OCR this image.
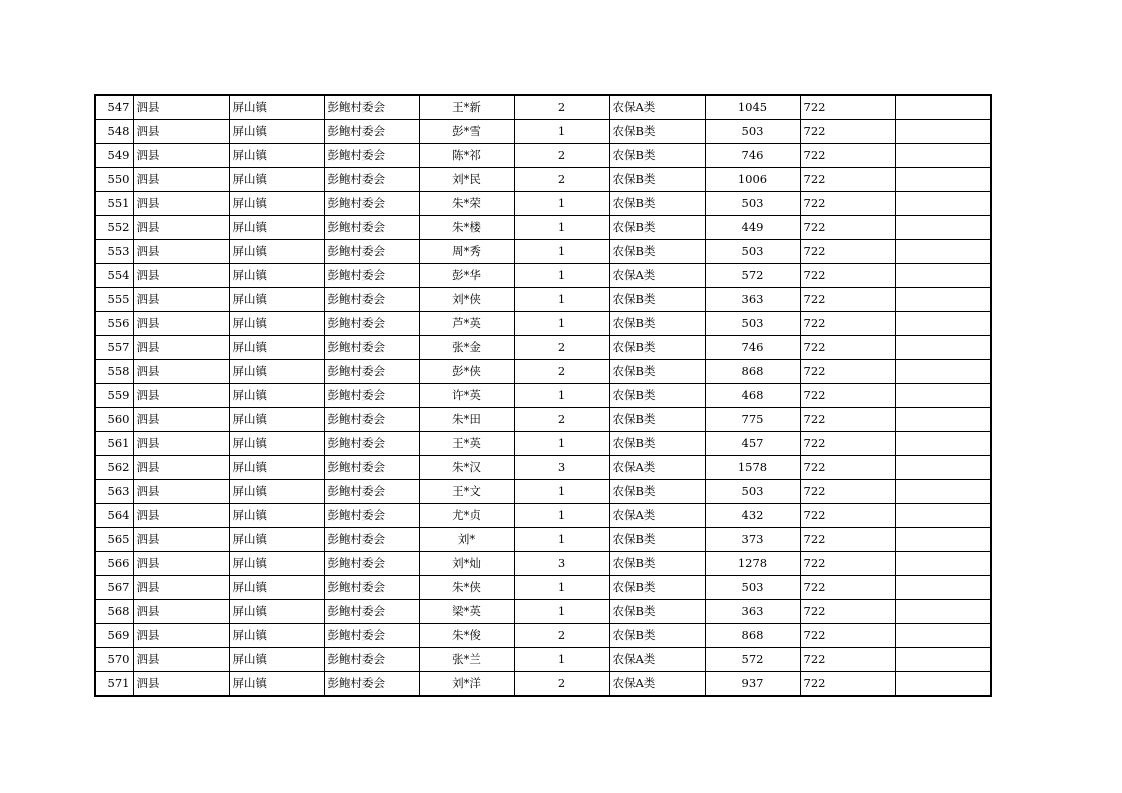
547	泗县	屏山镇	彭鲍村委会	王*新	2	农保A类	1045	722	
548	泗县	屏山镇	彭鲍村委会	彭*雪	1	农保B类	503	722	
549	泗县	屏山镇	彭鲍村委会	陈*祁	2	农保B类	746	722	
550	泗县	屏山镇	彭鲍村委会	刘*民	2	农保B类	1006	722	
551	泗县	屏山镇	彭鲍村委会	朱*荣	1	农保B类	503	722	
552	泗县	屏山镇	彭鲍村委会	朱*楼	1	农保B类	449	722	
553	泗县	屏山镇	彭鲍村委会	周*秀	1	农保B类	503	722	
554	泗县	屏山镇	彭鲍村委会	彭*华	1	农保A类	572	722	
555	泗县	屏山镇	彭鲍村委会	刘*侠	1	农保B类	363	722	
556	泗县	屏山镇	彭鲍村委会	芦*英	1	农保B类	503	722	
557	泗县	屏山镇	彭鲍村委会	张*金	2	农保B类	746	722	
558	泗县	屏山镇	彭鲍村委会	彭*侠	2	农保B类	868	722	
559	泗县	屏山镇	彭鲍村委会	许*英	1	农保B类	468	722	
560	泗县	屏山镇	彭鲍村委会	朱*田	2	农保B类	775	722	
561	泗县	屏山镇	彭鲍村委会	王*英	1	农保B类	457	722	
562	泗县	屏山镇	彭鲍村委会	朱*汉	3	农保A类	1578	722	
563	泗县	屏山镇	彭鲍村委会	王*文	1	农保B类	503	722	
564	泗县	屏山镇	彭鲍村委会	尤*贞	1	农保A类	432	722	
565	泗县	屏山镇	彭鲍村委会	刘*	1	农保B类	373	722	
566	泗县	屏山镇	彭鲍村委会	刘*灿	3	农保B类	1278	722	
567	泗县	屏山镇	彭鲍村委会	朱*侠	1	农保B类	503	722	
568	泗县	屏山镇	彭鲍村委会	梁*英	1	农保B类	363	722	
569	泗县	屏山镇	彭鲍村委会	朱*俊	2	农保B类	868	722	
570	泗县	屏山镇	彭鲍村委会	张*兰	1	农保A类	572	722	
571	泗县	屏山镇	彭鲍村委会	刘*洋	2	农保A类	937	722	
